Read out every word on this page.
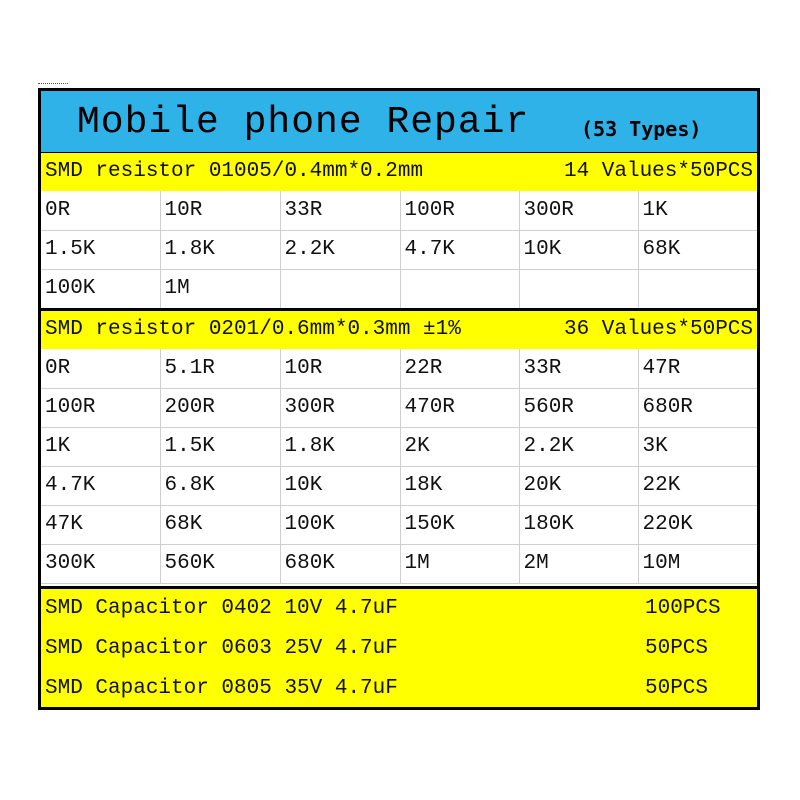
Mobile phone Repair	(53 Types)
SMD resistor 01005/0.4mm*0.2mm	14 Values*50PCS
0R	10R	33R	100R	300R	1K
1.5K	1.8K	2.2K	4.7K	10K	68K
100K	1M				
SMD resistor 0201/0.6mm*0.3mm ±1%	36 Values*50PCS
0R	5.1R	10R	22R	33R	47R
100R	200R	300R	470R	560R	680R
1K	1.5K	1.8K	2K	2.2K	3K
4.7K	6.8K	10K	18K	20K	22K
47K	68K	100K	150K	180K	220K
300K	560K	680K	1M	2M	10M
SMD Capacitor 0402 10V 4.7uF	100PCS
SMD Capacitor 0603 25V 4.7uF	50PCS
SMD Capacitor 0805 35V 4.7uF	50PCS
